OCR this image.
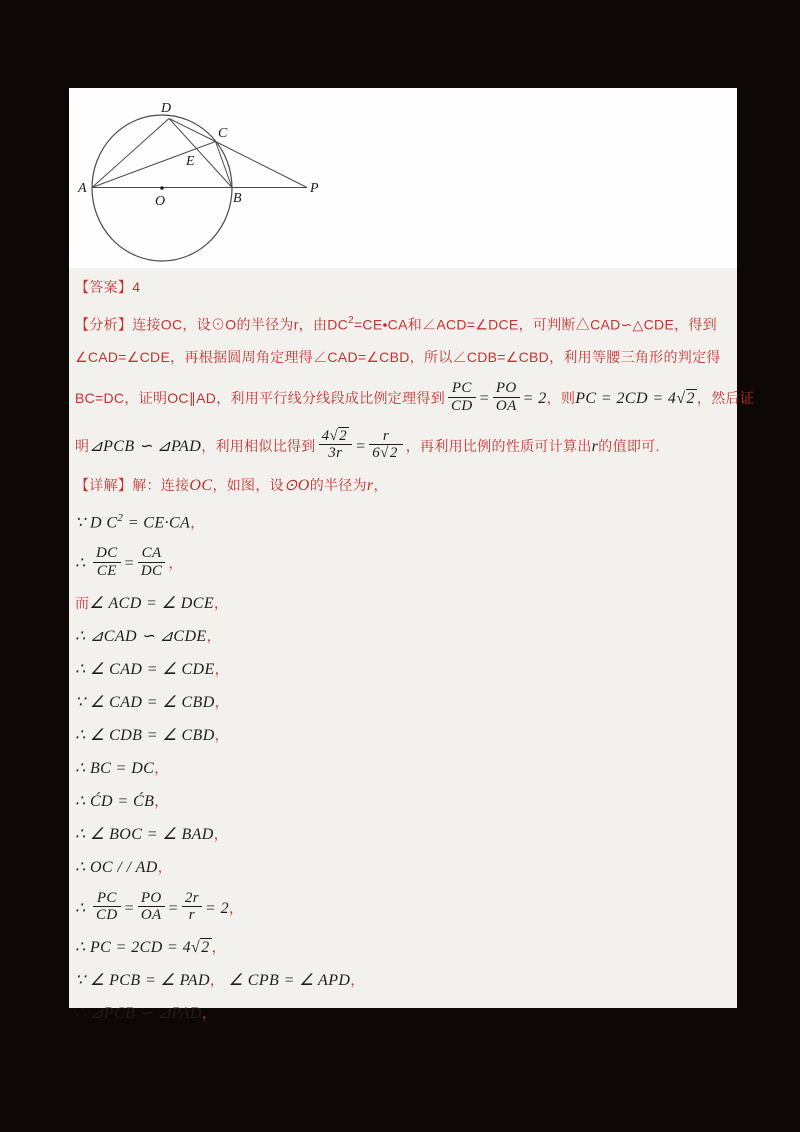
A
B
C
D
E
O
P
【答案】4
【分析】连接OC，设⊙O的半径为r，由$DC^2=CE•CA$和∠ACD=∠DCE，可判断△CAD∽△CDE，得到
∠CAD=∠CDE，再根据圆周角定理得∠CAD=∠CBD，所以∠CDB=∠CBD，利用等腰三角形的判定得
BC=DC，证明OC∥AD，利用平行线分线段成比例定理得到 $\frac{PC}{CD} = \frac{PO}{OA} = 2$，则PC = 2CD = 4√2 ，然后证
明⊿PCB ∽ ⊿PAD，利用相似比得到 $\frac{4√2}{3r} = \frac{r}{6√2}$ ，再利用比例的性质可计算出r的值即可.
【详解】解：连接OC，如图，设⊙O的半径为r，
∵ D $C^2 = CE\cdot CA$，
∴ $\frac{DC}{CE} = \frac{CA}{DC}$ ，
而∠ ACD = ∠ DCE，
∴ ⊿CAD ∽ ⊿CDE，
∴ ∠ CAD = ∠ CDE，
∵ ∠ CAD = ∠ CBD，
∴ ∠ CDB = ∠ CBD，
∴ BC = DC，
∴ ĆD = ĆB，
∴ ∠ BOC = ∠ BAD，
∴ OC / / AD，
∴ $\frac{PC}{CD} = \frac{PO}{OA} = \frac{2r}{r} = 2$，
∴ PC = 2CD = 4√2 ，
∵ ∠ PCB = ∠ PAD， ∠ CPB = ∠ APD，
∴ ⊿PCB ∽ ⊿PAD，
